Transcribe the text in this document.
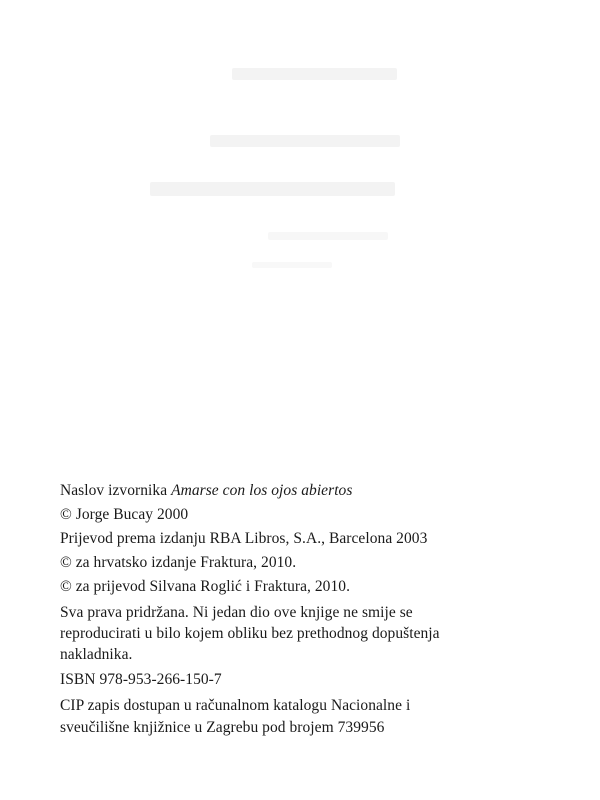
Naslov izvornika Amarse con los ojos abiertos

© Jorge Bucay 2000

Prijevod prema izdanju RBA Libros, S.A., Barcelona 2003

© za hrvatsko izdanje Fraktura, 2010.

© za prijevod Silvana Roglić i Fraktura, 2010.

Sva prava pridržana. Ni jedan dio ove knjige ne smije se

reproducirati u bilo kojem obliku bez prethodnog dopuštenja

nakladnika.

ISBN 978-953-266-150-7

CIP zapis dostupan u računalnom katalogu Nacionalne i

sveučilišne knjižnice u Zagrebu pod brojem 739956
